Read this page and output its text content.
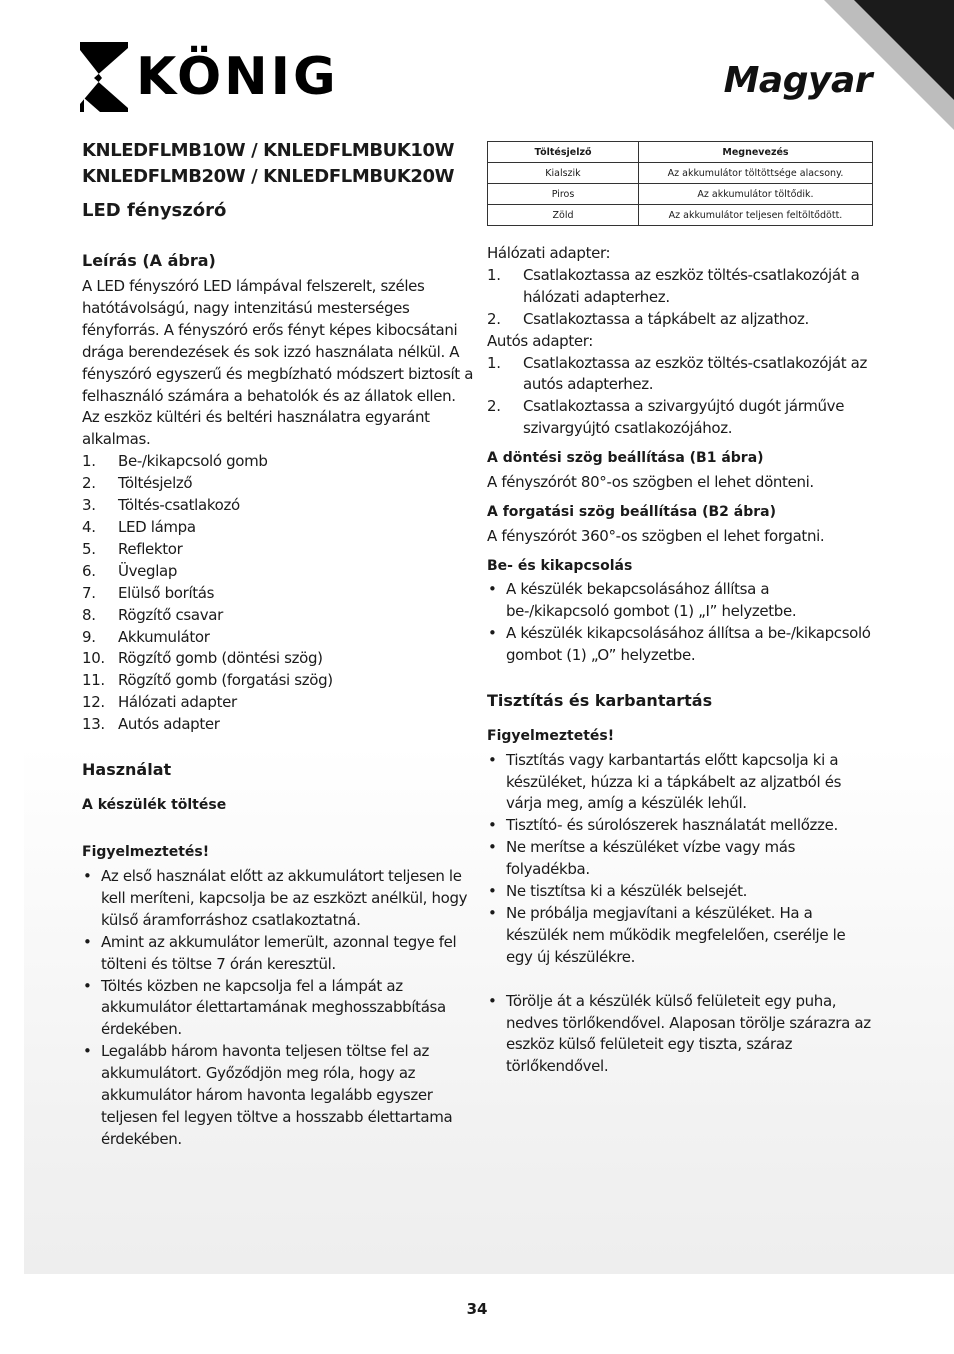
KÖNIG	Magyar

KNLEDFLMB10W / KNLEDFLMBUK10W

KNLEDFLMB20W / KNLEDFLMBUK20W

LED fényszóró

Leírás (A ábra)

A LED fényszóró LED lámpával felszerelt, széles hatótávolságú, nagy intenzitású mesterséges fényforrás. A fényszóró erős fényt képes kibocsátani drága berendezések és sok izzó használata nélkül. A fényszóró egyszerű és megbízható módszert biztosít a felhasználó számára a behatolók és az állatok ellen. Az eszköz kültéri és beltéri használatra egyaránt alkalmas.

1. Be-/kikapcsoló gomb
2. Töltésjelző
3. Töltés-csatlakozó
4. LED lámpa
5. Reflektor
6. Üveglap
7. Elülső borítás
8. Rögzítő csavar
9. Akkumulátor
10. Rögzítő gomb (döntési szög)
11. Rögzítő gomb (forgatási szög)
12. Hálózati adapter
13. Autós adapter
Használat
A készülék töltése
Figyelmeztetés!
• Az első használat előtt az akkumulátort teljesen le kell meríteni, kapcsolja be az eszközt anélkül, hogy külső áramforráshoz csatlakoztatná.
• Amint az akkumulátor lemerült, azonnal tegye fel tölteni és töltse 7 órán keresztül.
• Töltés közben ne kapcsolja fel a lámpát az akkumulátor élettartamának meghosszabbítása érdekében.
• Legalább három havonta teljesen töltse fel az akkumulátort. Győződjön meg róla, hogy az akkumulátor három havonta legalább egyszer teljesen fel legyen töltve a hosszabb élettartama érdekében.
Töltésjelző	Megnevezés
Kialszik	Az akkumulátor töltöttsége alacsony.
Piros	Az akkumulátor töltődik.
Zöld	Az akkumulátor teljesen feltöltődött.

Hálózati adapter:

1. Csatlakoztassa az eszköz töltés-csatlakozóját a hálózati adapterhez.
2. Csatlakoztassa a tápkábelt az aljzathoz.

Autós adapter:

1. Csatlakoztassa az eszköz töltés-csatlakozóját az autós adapterhez.
2. Csatlakoztassa a szivargyújtó dugót járműve szivargyújtó csatlakozójához.
A döntési szög beállítása (B1 ábra)

A fényszórót 80°-os szögben el lehet dönteni.

A forgatási szög beállítása (B2 ábra)

A fényszórót 360°-os szögben el lehet forgatni.

Be- és kikapcsolás
• A készülék bekapcsolásához állítsa a be-/kikapcsoló gombot (1) „I” helyzetbe.
• A készülék kikapcsolásához állítsa a be-/kikapcsoló gombot (1) „O” helyzetbe.
Tisztítás és karbantartás
Figyelmeztetés!
• Tisztítás vagy karbantartás előtt kapcsolja ki a készüléket, húzza ki a tápkábelt az aljzatból és várja meg, amíg a készülék lehűl.
• Tisztító- és súrolószerek használatát mellőzze.
• Ne merítse a készüléket vízbe vagy más folyadékba.
• Ne tisztítsa ki a készülék belsejét.
• Ne próbálja megjavítani a készüléket. Ha a készülék nem működik megfelelően, cserélje le egy új készülékre.
• Törölje át a készülék külső felületeit egy puha, nedves törlőkendővel. Alaposan törölje szárazra az eszköz külső felületeit egy tiszta, száraz törlőkendővel.
34
